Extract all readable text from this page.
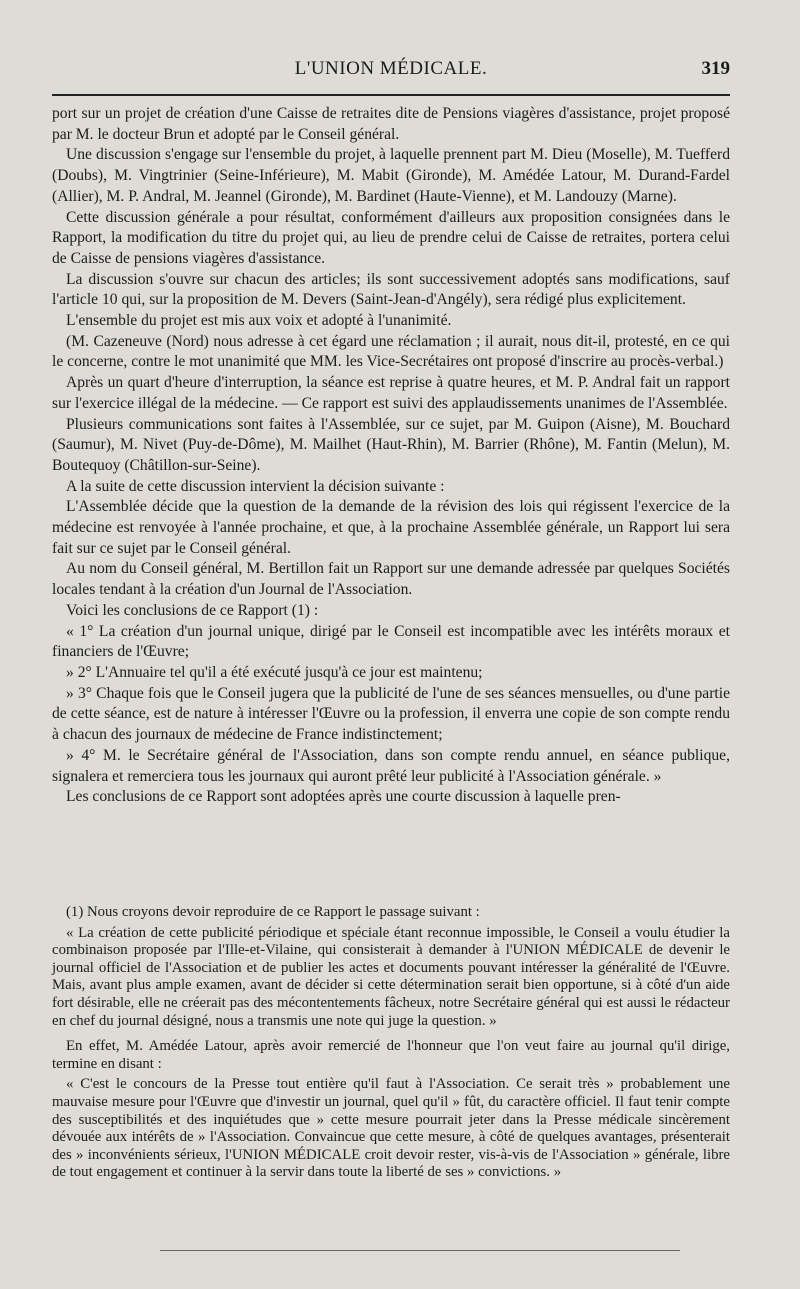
L'UNION MÉDICALE.	319

port sur un projet de création d'une Caisse de retraites dite de Pensions viagères d'assistance, projet proposé par M. le docteur Brun et adopté par le Conseil général.

Une discussion s'engage sur l'ensemble du projet, à laquelle prennent part M. Dieu (Moselle), M. Tuefferd (Doubs), M. Vingtrinier (Seine-Inférieure), M. Mabit (Gironde), M. Amédée Latour, M. Durand-Fardel (Allier), M. P. Andral, M. Jeannel (Gironde), M. Bardinet (Haute-Vienne), et M. Landouzy (Marne).

Cette discussion générale a pour résultat, conformément d'ailleurs aux proposition consignées dans le Rapport, la modification du titre du projet qui, au lieu de prendre celui de Caisse de retraites, portera celui de Caisse de pensions viagères d'assistance.

La discussion s'ouvre sur chacun des articles; ils sont successivement adoptés sans modifications, sauf l'article 10 qui, sur la proposition de M. Devers (Saint-Jean-d'Angély), sera rédigé plus explicitement.

L'ensemble du projet est mis aux voix et adopté à l'unanimité.

(M. Cazeneuve (Nord) nous adresse à cet égard une réclamation ; il aurait, nous dit-il, protesté, en ce qui le concerne, contre le mot unanimité que MM. les Vice-Secrétaires ont proposé d'inscrire au procès-verbal.)

Après un quart d'heure d'interruption, la séance est reprise à quatre heures, et M. P. Andral fait un rapport sur l'exercice illégal de la médecine. — Ce rapport est suivi des applaudissements unanimes de l'Assemblée.

Plusieurs communications sont faites à l'Assemblée, sur ce sujet, par M. Guipon (Aisne), M. Bouchard (Saumur), M. Nivet (Puy-de-Dôme), M. Mailhet (Haut-Rhin), M. Barrier (Rhône), M. Fantin (Melun), M. Boutequoy (Châtillon-sur-Seine).

A la suite de cette discussion intervient la décision suivante :

L'Assemblée décide que la question de la demande de la révision des lois qui régissent l'exercice de la médecine est renvoyée à l'année prochaine, et que, à la prochaine Assemblée générale, un Rapport lui sera fait sur ce sujet par le Conseil général.

Au nom du Conseil général, M. Bertillon fait un Rapport sur une demande adressée par quelques Sociétés locales tendant à la création d'un Journal de l'Association.

Voici les conclusions de ce Rapport (1) :

« 1° La création d'un journal unique, dirigé par le Conseil est incompatible avec les intérêts moraux et financiers de l'Œuvre;

» 2° L'Annuaire tel qu'il a été exécuté jusqu'à ce jour est maintenu;

» 3° Chaque fois que le Conseil jugera que la publicité de l'une de ses séances mensuelles, ou d'une partie de cette séance, est de nature à intéresser l'Œuvre ou la profession, il enverra une copie de son compte rendu à chacun des journaux de médecine de France indistinctement;

» 4° M. le Secrétaire général de l'Association, dans son compte rendu annuel, en séance publique, signalera et remerciera tous les journaux qui auront prêté leur publicité à l'Association générale. »

Les conclusions de ce Rapport sont adoptées après une courte discussion à laquelle pren-

(1) Nous croyons devoir reproduire de ce Rapport le passage suivant :

« La création de cette publicité périodique et spéciale étant reconnue impossible, le Conseil a voulu étudier la combinaison proposée par l'Ille-et-Vilaine, qui consisterait à demander à l'UNION MÉDICALE de devenir le journal officiel de l'Association et de publier les actes et documents pouvant intéresser la généralité de l'Œuvre. Mais, avant plus ample examen, avant de décider si cette détermination serait bien opportune, si à côté d'un aide fort désirable, elle ne créerait pas des mécontentements fâcheux, notre Secrétaire général qui est aussi le rédacteur en chef du journal désigné, nous a transmis une note qui juge la question. »

En effet, M. Amédée Latour, après avoir remercié de l'honneur que l'on veut faire au journal qu'il dirige, termine en disant :

« C'est le concours de la Presse tout entière qu'il faut à l'Association. Ce serait très » probablement une mauvaise mesure pour l'Œuvre que d'investir un journal, quel qu'il » fût, du caractère officiel. Il faut tenir compte des susceptibilités et des inquiétudes que » cette mesure pourrait jeter dans la Presse médicale sincèrement dévouée aux intérêts de » l'Association. Convaincue que cette mesure, à côté de quelques avantages, présenterait des » inconvénients sérieux, l'UNION MÉDICALE croit devoir rester, vis-à-vis de l'Association » générale, libre de tout engagement et continuer à la servir dans toute la liberté de ses » convictions. »
